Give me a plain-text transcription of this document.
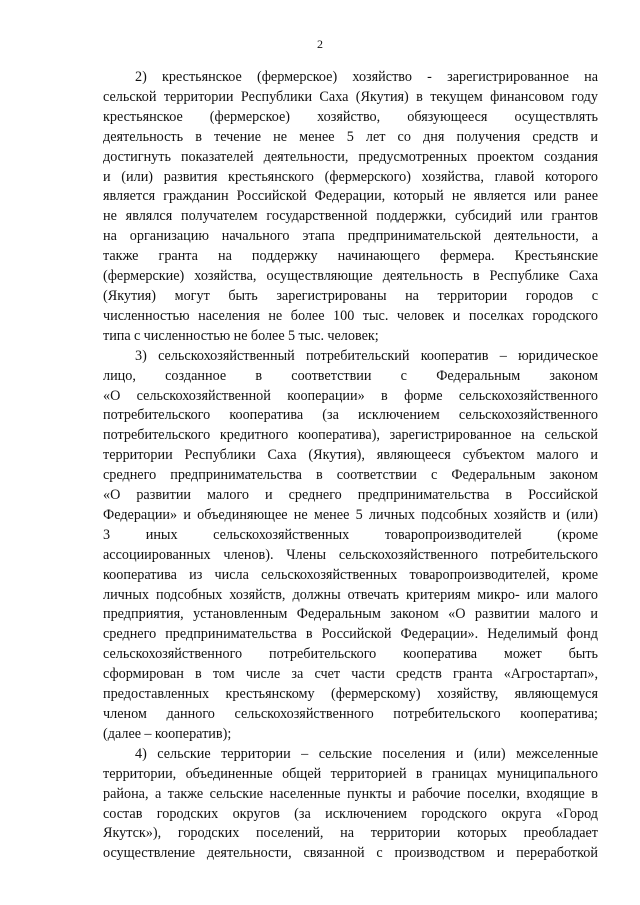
2

2) крестьянское (фермерское) хозяйство - зарегистрированное на
сельской территории Республики Саха (Якутия) в текущем финансовом году
крестьянское (фермерское) хозяйство, обязующееся осуществлять
деятельность в течение не менее 5 лет со дня получения средств и
достигнуть показателей деятельности, предусмотренных проектом создания
и (или) развития крестьянского (фермерского) хозяйства, главой которого
является гражданин Российской Федерации, который не является или ранее
не являлся получателем государственной поддержки, субсидий или грантов
на организацию начального этапа предпринимательской деятельности, а
также гранта на поддержку начинающего фермера. Крестьянские
(фермерские) хозяйства, осуществляющие деятельность в Республике Саха
(Якутия) могут быть зарегистрированы на территории городов с
численностью населения не более 100 тыс. человек и поселках городского
типа с численностью не более 5 тыс. человек;

3) сельскохозяйственный потребительский кооператив – юридическое
лицо, созданное в соответствии с Федеральным законом
«О сельскохозяйственной кооперации» в форме сельскохозяйственного
потребительского кооператива (за исключением сельскохозяйственного
потребительского кредитного кооператива), зарегистрированное на сельской
территории Республики Саха (Якутия), являющееся субъектом малого и
среднего предпринимательства в соответствии с Федеральным законом
«О развитии малого и среднего предпринимательства в Российской
Федерации» и объединяющее не менее 5 личных подсобных хозяйств и (или)
3 иных сельскохозяйственных товаропроизводителей (кроме
ассоциированных членов). Члены сельскохозяйственного потребительского
кооператива из числа сельскохозяйственных товаропроизводителей, кроме
личных подсобных хозяйств, должны отвечать критериям микро- или малого
предприятия, установленным Федеральным законом «О развитии малого и
среднего предпринимательства в Российской Федерации». Неделимый фонд
сельскохозяйственного потребительского кооператива может быть
сформирован в том числе за счет части средств гранта «Агростартап»,
предоставленных крестьянскому (фермерскому) хозяйству, являющемуся
членом данного сельскохозяйственного потребительского кооператива;
(далее – кооператив);

4) сельские территории – сельские поселения и (или) межселенные
территории, объединенные общей территорией в границах муниципального
района, а также сельские населенные пункты и рабочие поселки, входящие в
состав городских округов (за исключением городского округа «Город
Якутск»), городских поселений, на территории которых преобладает
осуществление деятельности, связанной с производством и переработкой
